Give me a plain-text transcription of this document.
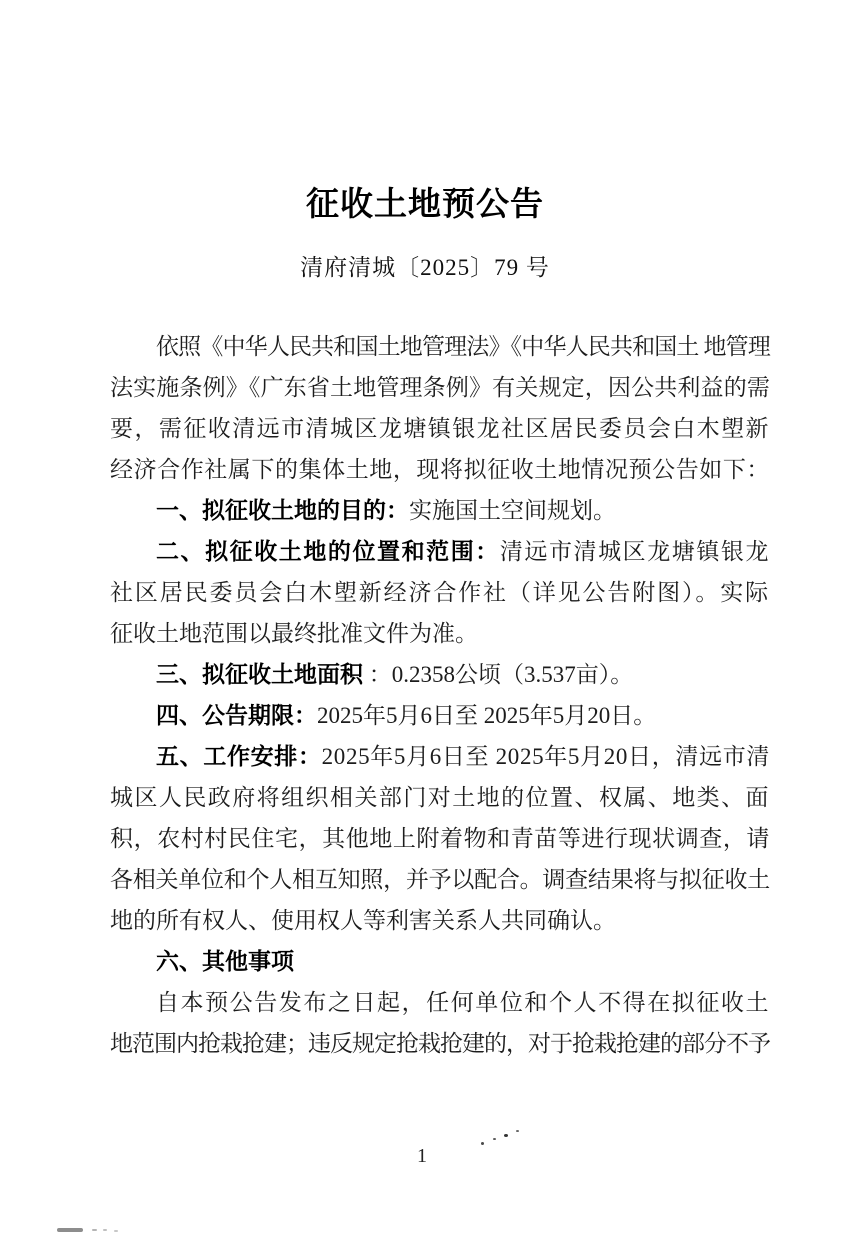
征收土地预公告
清府清城〔2025〕79 号
依照《中华人民共和国土地管理法》《中华人民共和国土 地管理
法实施条例》《广东省土地管理条例》有关规定，因公共利益的需
要，需征收清远市清城区龙塘镇银龙社区居民委员会白木塱新
经济合作社属下的集体土地，现将拟征收土地情况预公告如下：
一、拟征收土地的目的：实施国土空间规划。
二、拟征收土地的位置和范围：清远市清城区龙塘镇银龙
社区居民委员会白木塱新经济合作社（详见公告附图）。实际
征收土地范围以最终批准文件为准。
三、拟征收土地面积 ：0.2358公顷（3.537亩）。
四、公告期限：2025年5月6日至 2025年5月20日。
五、工作安排：2025年5月6日至 2025年5月20日，清远市清
城区人民政府将组织相关部门对土地的位置、权属、地类、面
积，农村村民住宅，其他地上附着物和青苗等进行现状调查，请
各相关单位和个人相互知照，并予以配合。调查结果将与拟征收土
地的所有权人、使用权人等利害关系人共同确认。
六、其他事项
自本预公告发布之日起，任何单位和个人不得在拟征收土
地范围内抢栽抢建；违反规定抢栽抢建的，对于抢栽抢建的部分不予
1
